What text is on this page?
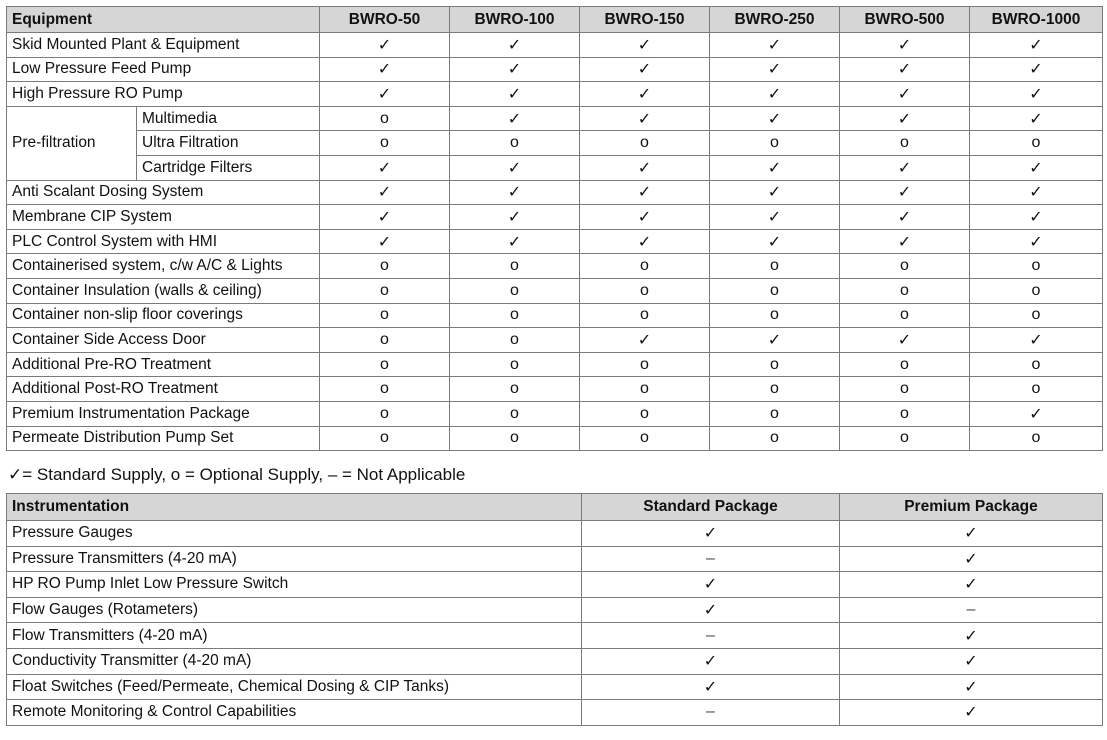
Equipment		BWRO-50	BWRO-100	BWRO-150	BWRO-250	BWRO-500	BWRO-1000
Skid Mounted Plant & Equipment		✓	✓	✓	✓	✓	✓
Low Pressure Feed Pump		✓	✓	✓	✓	✓	✓
High Pressure RO Pump		✓	✓	✓	✓	✓	✓
Pre-filtration	Multimedia	o	✓	✓	✓	✓	✓
	Ultra Filtration	o	o	o	o	o	o
	Cartridge Filters	✓	✓	✓	✓	✓	✓
Anti Scalant Dosing System		✓	✓	✓	✓	✓	✓
Membrane CIP System		✓	✓	✓	✓	✓	✓
PLC Control System with HMI		✓	✓	✓	✓	✓	✓
Containerised system, c/w A/C & Lights		o	o	o	o	o	o
Container Insulation (walls & ceiling)		o	o	o	o	o	o
Container non-slip floor coverings		o	o	o	o	o	o
Container Side Access Door		o	o	✓	✓	✓	✓
Additional Pre-RO Treatment		o	o	o	o	o	o
Additional Post-RO Treatment		o	o	o	o	o	o
Premium Instrumentation Package		o	o	o	o	o	✓
Permeate Distribution Pump Set		o	o	o	o	o	o
✓= Standard Supply, o = Optional Supply, – = Not Applicable
Instrumentation	Standard Package	Premium Package
Pressure Gauges	✓	✓
Pressure Transmitters (4-20 mA)	–	✓
HP RO Pump Inlet Low Pressure Switch	✓	✓
Flow Gauges (Rotameters)	✓	–
Flow Transmitters (4-20 mA)	–	✓
Conductivity Transmitter (4-20 mA)	✓	✓
Float Switches (Feed/Permeate, Chemical Dosing & CIP Tanks)	✓	✓
Remote Monitoring & Control Capabilities	–	✓
